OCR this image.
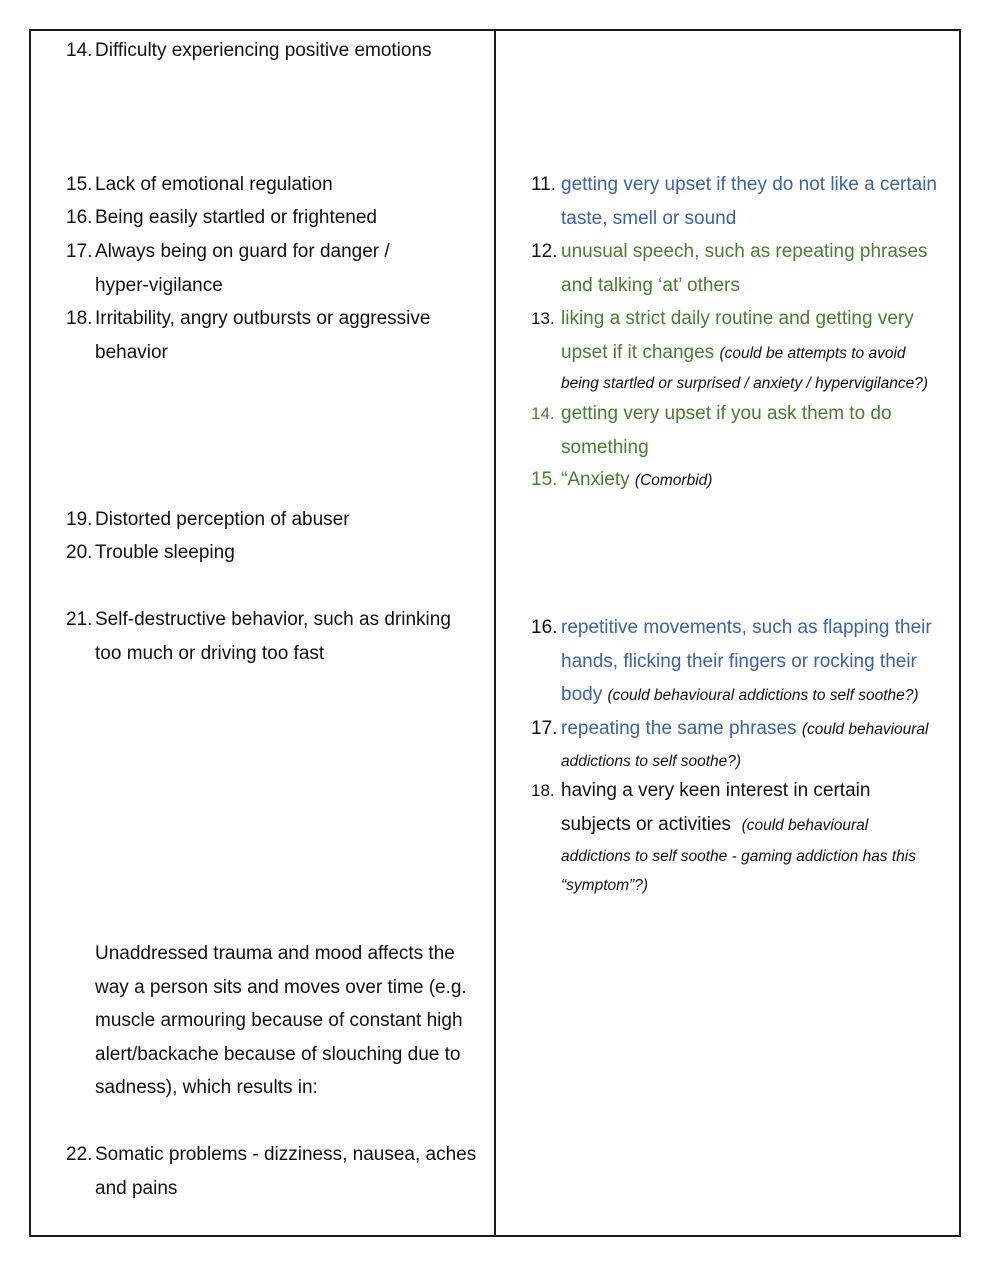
14. Difficulty experiencing positive emotions
15. Lack of emotional regulation
16. Being easily startled or frightened
17. Always being on guard for danger /
hyper-vigilance
18. Irritability, angry outbursts or aggressive
behavior
19. Distorted perception of abuser
20. Trouble sleeping
21. Self-destructive behavior, such as drinking
too much or driving too fast
Unaddressed trauma and mood affects the
way a person sits and moves over time (e.g.
muscle armouring because of constant high
alert/backache because of slouching due to
sadness), which results in:
22. Somatic problems - dizziness, nausea, aches
and pains
11. getting very upset if they do not like a certain
taste, smell or sound
12. unusual speech, such as repeating phrases
and talking ‘at’ others
13. liking a strict daily routine and getting very
upset if it changes (could be attempts to avoid
being startled or surprised / anxiety / hypervigilance?)
14. getting very upset if you ask them to do
something
15. “Anxiety (Comorbid)
16. repetitive movements, such as flapping their
hands, flicking their fingers or rocking their
body (could behavioural addictions to self soothe?)
17. repeating the same phrases (could behavioural
addictions to self soothe?)
18. having a very keen interest in certain
subjects or activities (could behavioural
addictions to self soothe - gaming addiction has this
“symptom”?)
